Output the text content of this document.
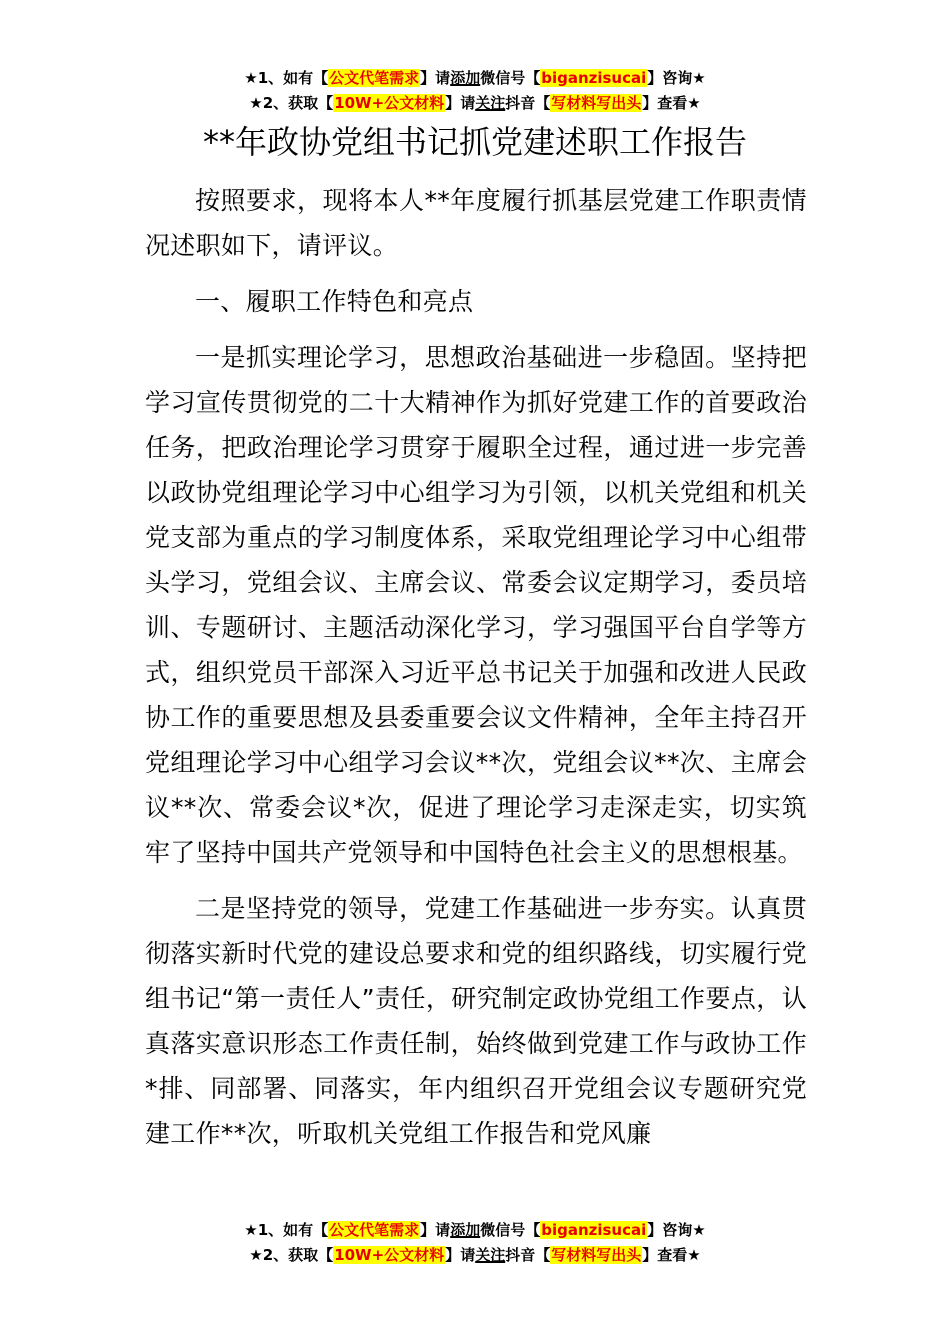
★1、如有【公文代笔需求】请添加微信号【biganzisucai】咨询★
★2、获取【10W+公文材料】请关注抖音【写材料写出头】查看★
**年政协党组书记抓党建述职工作报告

按照要求，现将本人**年度履行抓基层党建工作职责情况述职如下，请评议。

一、履职工作特色和亮点

一是抓实理论学习，思想政治基础进一步稳固。坚持把学习宣传贯彻党的二十大精神作为抓好党建工作的首要政治任务，把政治理论学习贯穿于履职全过程，通过进一步完善以政协党组理论学习中心组学习为引领，以机关党组和机关党支部为重点的学习制度体系，采取党组理论学习中心组带头学习，党组会议、主席会议、常委会议定期学习，委员培训、专题研讨、主题活动深化学习，学习强国平台自学等方式，组织党员干部深入习近平总书记关于加强和改进人民政协工作的重要思想及县委重要会议文件精神，全年主持召开党组理论学习中心组学习会议**次，党组会议**次、主席会议**次、常委会议*次，促进了理论学习走深走实，切实筑牢了坚持中国共产党领导和中国特色社会主义的思想根基。

二是坚持党的领导，党建工作基础进一步夯实。认真贯彻落实新时代党的建设总要求和党的组织路线，切实履行党组书记“第一责任人”责任，研究制定政协党组工作要点，认真落实意识形态工作责任制，始终做到党建工作与政协工作*排、同部署、同落实，年内组织召开党组会议专题研究党建工作**次，听取机关党组工作报告和党风廉

★1、如有【公文代笔需求】请添加微信号【biganzisucai】咨询★
★2、获取【10W+公文材料】请关注抖音【写材料写出头】查看★
